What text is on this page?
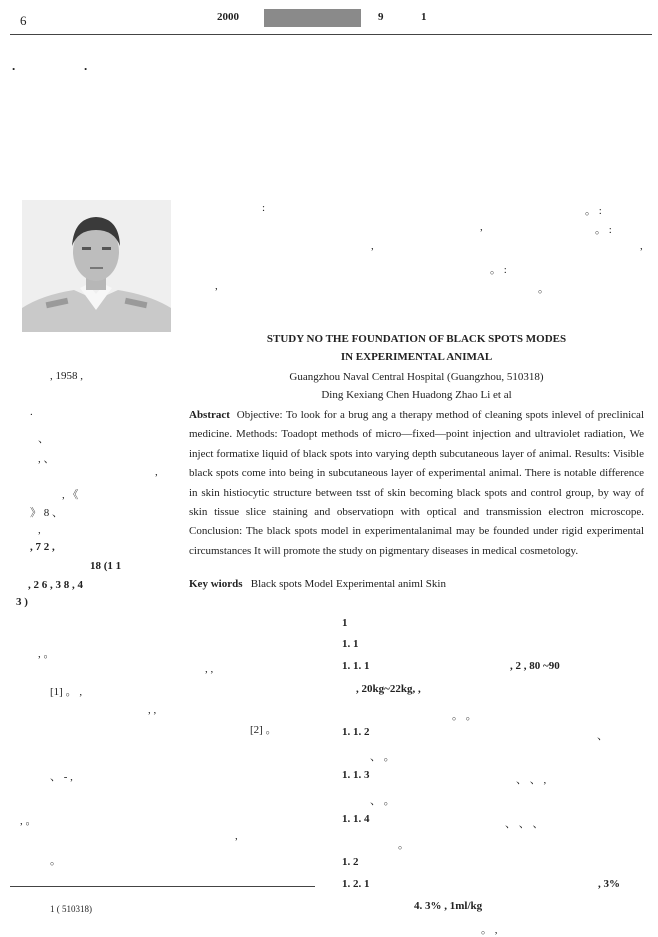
6	2000	9	1
.	.
, 1958 ,
.
、
, 、
,
, 《
》 8 、
,
, 7 2 ,
18 (1 1
, 2 6 , 3 8 , 4
3 )
:	。 :
,	。 :
,	,
。 :
,	。
STUDY NO THE FOUNDATION OF BLACK SPOTS MODES
IN EXPERIMENTAL ANIMAL
Guangzhou Naval Central Hospital (Guangzhou, 510318)
Ding Kexiang Chen Huadong Zhao Li et al
Abstract Objective: To look for a brug ang a therapy method of cleaning spots inlevel of preclinical medicine. Methods: Toadopt methods of micro—fixed—point injection and ultraviolet radiation, We inject formatixe liquid of black spots into varying depth subcutaneous layer of animal. Results: Visible black spots come into being in subcutaneous layer of experimental animal. There is notable difference in skin histiocytic structure between tsst of skin becoming black spots and control group, by way of skin tissue slice staining and observatiopn with optical and transmission electron microscope. Conclusion: The black spots model in experimentalanimal may be founded under rigid experimental circumstances It will promote the study on pigmentary diseases in medical cosmetology.
Key wiords Black spots Model Experimental animl Skin
, 。
, ,
[1] 。 ,
, ,
[2] 。
、 - ,
, 。
,
。
1
1. 1
1. 1. 1	, 2 , 80 ~90
, 20kg~22kg, ,
。 。
1. 1. 2	、
、 。
1. 1. 3	、 、 ,
、 。
1. 1. 4	、 、 、
。
1. 2
1. 2. 1	, 3%
4. 3% , 1ml/kg
。 ,
1 ( 510318)
